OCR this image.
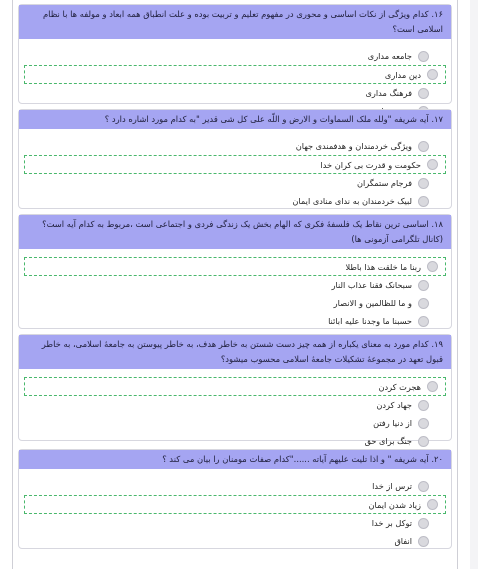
۱۶. کدام ویژگی از نکات اساسی و محوری در مفهوم تعلیم و تربیت بوده و علت انطباق همه ابعاد و مولفه ها با نظام اسلامی است؟

جامعه مداری
دین مداری
فرهنگ مداری

۱۷. آیه شریفه "ولله ملک السماوات و الارض و اللّه علی کل شی قدیر "به کدام مورد اشاره دارد ؟

ویژگی خردمندان و هدفمندی جهان
حکومت و قدرت بی کران خدا
فرجام ستمگران
لبیک خردمندان به ندای منادی ایمان

۱۸. اساسی ترین نقاط یک فلسفهٔ فکری که الهام بخش یک زندگی فردی و اجتماعی است ،مربوط به کدام آیه است؟(کانال تلگرامی آزمونی ها)

ربنا ما خلقت هذا باطلا
سبحانک فقنا عذاب النار
و ما للظالمین و الانصار
حسبنا ما وجدنا علیه ابائنا

۱۹. کدام مورد به معنای یکباره از همه چیز دست شستن به خاطر هدف، به خاطر پیوستن به جامعهٔ اسلامی، به خاطر قبول تعهد در مجموعهٔ تشکیلات جامعهٔ اسلامی محسوب میشود؟

هجرت کردن
جهاد کردن
از دنیا رفتن
جنگ برای حق

۲۰. آیه شریفه " و اذا تلیت علیهم آیاته ......"کدام صفات مومنان را بیان می کند ؟

ترس از خدا
زیاد شدن ایمان
توکل بر خدا
انفاق
